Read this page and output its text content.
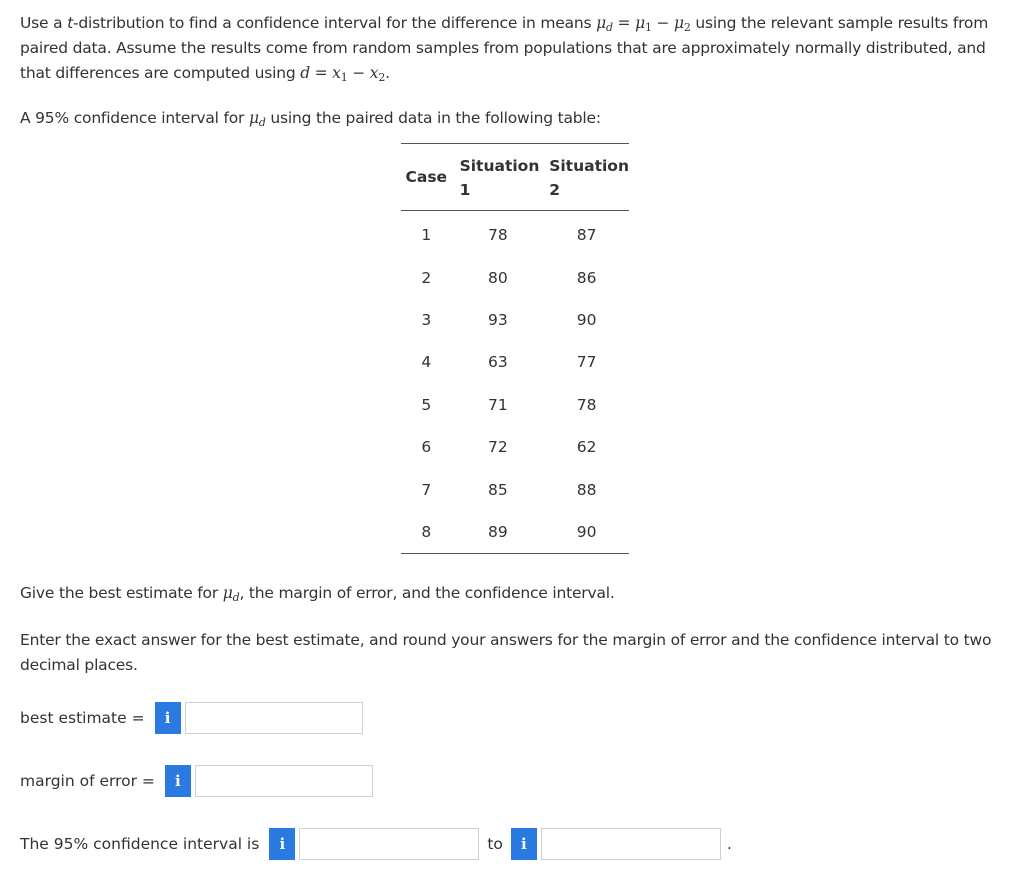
Use a t-distribution to find a confidence interval for the difference in means $\mu_d = \mu_1 - \mu_2$ using the relevant sample results from paired data. Assume the results come from random samples from populations that are approximately normally distributed, and that differences are computed using $d = x_1 - x_2$.
A 95% confidence interval for $\mu_d$ using the paired data in the following table:
Case	Situation 1	Situation 2
1	78	87
2	80	86
3	93	90
4	63	77
5	71	78
6	72	62
7	85	88
8	89	90
Give the best estimate for $\mu_d$, the margin of error, and the confidence interval.
Enter the exact answer for the best estimate, and round your answers for the margin of error and the confidence interval to two decimal places.
best estimate =	i
margin of error =	i
The 95% confidence interval is	i	to	i	.
